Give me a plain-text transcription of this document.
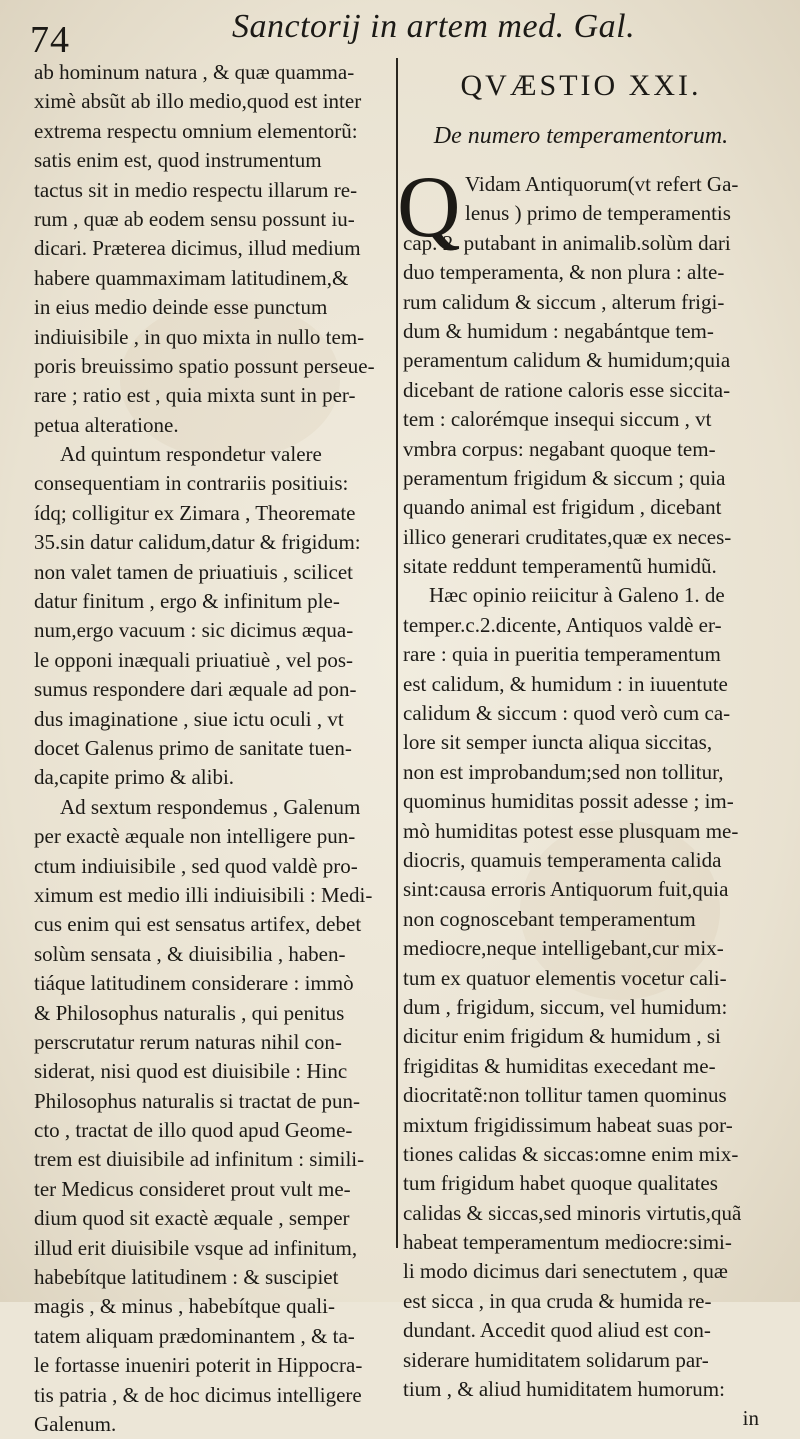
74	Sanctorij in artem med. Gal.
ab hominum natura , & quæ quamma-
ximè absũt ab illo medio,quod est inter
extrema respectu omnium elementorũ:
satis enim est, quod instrumentum
tactus sit in medio respectu illarum re-
rum , quæ ab eodem sensu possunt iu-
dicari. Præterea dicimus, illud medium
habere quammaximam latitudinem,&
in eius medio deinde esse punctum
indiuisibile , in quo mixta in nullo tem-
poris breuissimo spatio possunt perseue-
rare ; ratio est , quia mixta sunt in per-
petua alteratione.
Ad quintum respondetur valere
consequentiam in contrariis positiuis:
ídq; colligitur ex Zimara , Theoremate
35.sin datur calidum,datur & frigidum:
non valet tamen de priuatiuis , scilicet
datur finitum , ergo & infinitum ple-
num,ergo vacuum : sic dicimus æqua-
le opponi inæquali priuatiuè , vel pos-
sumus respondere dari æquale ad pon-
dus imaginatione , siue ictu oculi , vt
docet Galenus primo de sanitate tuen-
da,capite primo & alibi.
Ad sextum respondemus , Galenum
per exactè æquale non intelligere pun-
ctum indiuisibile , sed quod valdè pro-
ximum est medio illi indiuisibili : Medi-
cus enim qui est sensatus artifex, debet
solùm sensata , & diuisibilia , haben-
tiáque latitudinem considerare : immò
& Philosophus naturalis , qui penitus
perscrutatur rerum naturas nihil con-
siderat, nisi quod est diuisibile : Hinc
Philosophus naturalis si tractat de pun-
cto , tractat de illo quod apud Geome-
trem est diuisibile ad infinitum : simili-
ter Medicus consideret prout vult me-
dium quod sit exactè æquale , semper
illud erit diuisibile vsque ad infinitum,
habebítque latitudinem : & suscipiet
magis , & minus , habebítque quali-
tatem aliquam prædominantem , & ta-
le fortasse inueniri poterit in Hippocra-
tis patria , & de hoc dicimus intelligere
Galenum.
QVÆSTIO XXI.
De numero temperamentorum.
Q Vidam Antiquorum(vt refert Ga-
lenus ) primo de temperamentis
cap. 2. putabant in animalib.solùm dari
duo temperamenta, & non plura : alte-
rum calidum & siccum , alterum frigi-
dum & humidum : negabántque tem-
peramentum calidum & humidum;quia
dicebant de ratione caloris esse siccita-
tem : calorémque insequi siccum , vt
vmbra corpus: negabant quoque tem-
peramentum frigidum & siccum ; quia
quando animal est frigidum , dicebant
illico generari cruditates,quæ ex neces-
sitate reddunt temperamentũ humidũ.
Hæc opinio reiicitur à Galeno 1. de
temper.c.2.dicente, Antiquos valdè er-
rare : quia in pueritia temperamentum
est calidum, & humidum : in iuuentute
calidum & siccum : quod verò cum ca-
lore sit semper iuncta aliqua siccitas,
non est improbandum;sed non tollitur,
quominus humiditas possit adesse ; im-
mò humiditas potest esse plusquam me-
diocris, quamuis temperamenta calida
sint:causa erroris Antiquorum fuit,quia
non cognoscebant temperamentum
mediocre,neque intelligebant,cur mix-
tum ex quatuor elementis vocetur cali-
dum , frigidum, siccum, vel humidum:
dicitur enim frigidum & humidum , si
frigiditas & humiditas execedant me-
diocritatẽ:non tollitur tamen quominus
mixtum frigidissimum habeat suas por-
tiones calidas & siccas:omne enim mix-
tum frigidum habet quoque qualitates
calidas & siccas,sed minoris virtutis,quã
habeat temperamentum mediocre:simi-
li modo dicimus dari senectutem , quæ
est sicca , in qua cruda & humida re-
dundant. Accedit quod aliud est con-
siderare humiditatem solidarum par-
tium , & aliud humiditatem humorum:
in
